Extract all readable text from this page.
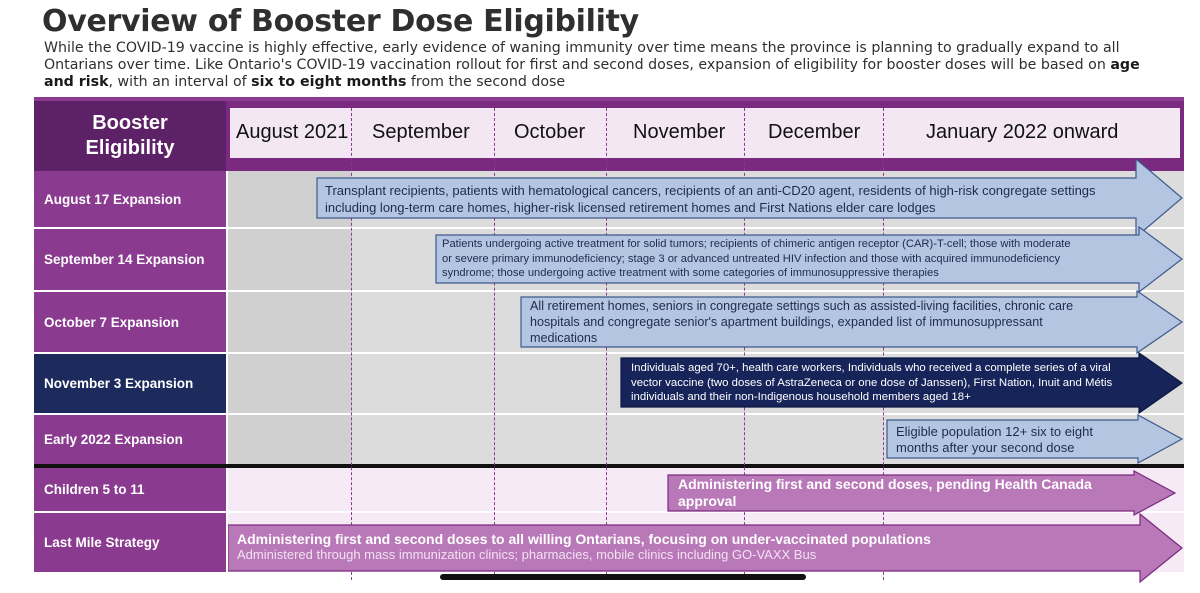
Overview of Booster Dose Eligibility
While the COVID-19 vaccine is highly effective, early evidence of waning immunity over time means the province is planning to gradually expand to all Ontarians over time. Like Ontario's COVID-19 vaccination rollout for first and second doses, expansion of eligibility for booster doses will be based on age and risk, with an interval of six to eight months from the second dose
Booster
Eligibility
August 2021 September October November December	January 2022 onward
August 17 Expansion
September 14 Expansion
October 7 Expansion
November 3 Expansion
Early 2022 Expansion
Children 5 to 11
Last Mile Strategy
Transplant recipients, patients with hematological cancers, recipients of an anti-CD20 agent, residents of high-risk congregate settings
including long-term care homes, higher-risk licensed retirement homes and First Nations elder care lodges
Patients undergoing active treatment for solid tumors; recipients of chimeric antigen receptor (CAR)-T-cell; those with moderate
or severe primary immunodeficiency; stage 3 or advanced untreated HIV infection and those with acquired immunodeficiency
syndrome; those undergoing active treatment with some categories of immunosuppressive therapies
All retirement homes, seniors in congregate settings such as assisted-living facilities, chronic care
hospitals and congregate senior's apartment buildings, expanded list of immunosuppressant
medications
Individuals aged 70+, health care workers, Individuals who received a complete series of a viral
vector vaccine (two doses of AstraZeneca or one dose of Janssen), First Nation, Inuit and Métis
individuals and their non-Indigenous household members aged 18+
Eligible population 12+ six to eight
months after your second dose
Administering first and second doses, pending Health Canada
approval
Administering first and second doses to all willing Ontarians, focusing on under-vaccinated populations
Administered through mass immunization clinics; pharmacies, mobile clinics including GO-VAXX Bus
